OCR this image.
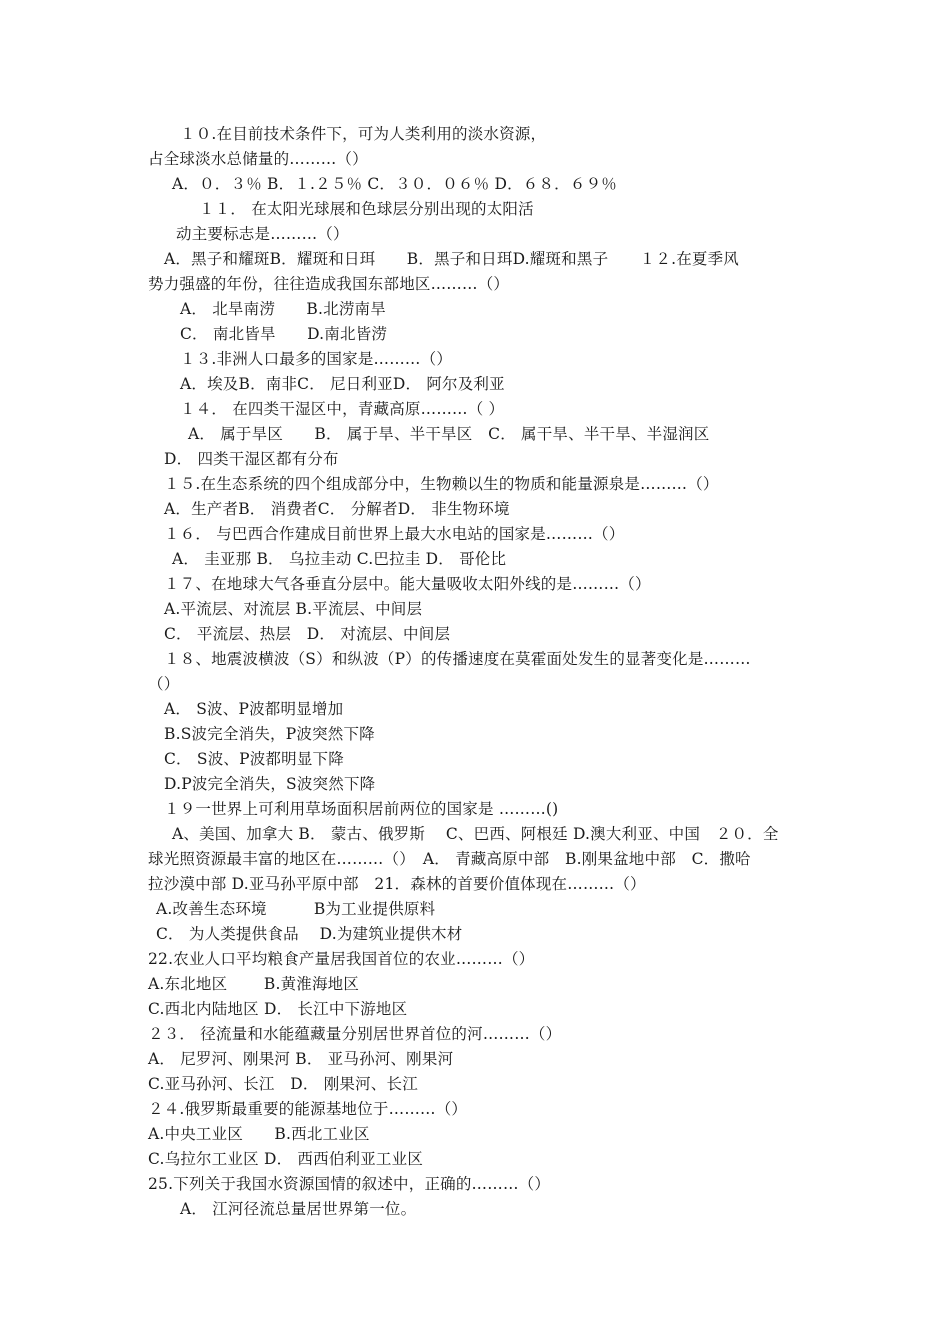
１０.在目前技术条件下，可为人类利用的淡水资源，
占全球淡水总储量的………（）
A．０．３％ B．１.２５％ C．３０．０６％ D．６８．６９％
１１． 在太阳光球展和色球层分别出现的太阳活
动主要标志是………（）
A．黑子和耀斑B．耀斑和日珥　　B．黑子和日珥D.耀斑和黑子　　１２.在夏季风
势力强盛的年份，往往造成我国东部地区………（）
A． 北旱南涝　　B.北涝南旱
C． 南北皆旱　　D.南北皆涝
１３.非洲人口最多的国家是………（）
A．埃及B．南非C． 尼日利亚D． 阿尔及利亚
１４． 在四类干湿区中，青藏高原………（ ）
A． 属于旱区　　B． 属于旱、半干旱区　C． 属干旱、半干旱、半湿润区
D． 四类干湿区都有分布
１５.在生态系统的四个组成部分中，生物赖以生的物质和能量源泉是………（）
A．生产者B． 消费者C． 分解者D． 非生物环境
１６． 与巴西合作建成目前世界上最大水电站的国家是………（）
A． 圭亚那 B． 乌拉圭动 C.巴拉圭 D． 哥伦比
１７、在地球大气各垂直分层中。能大量吸收太阳外线的是………（）
A.平流层、对流层 B.平流层、中间层
C． 平流层、热层　D． 对流层、中间层
１８、地震波横波（S）和纵波（P）的传播速度在莫霍面处发生的显著变化是………
（）
A． S波、P波都明显增加
B.S波完全消失，P波突然下降
C． S波、P波都明显下降
D.P波完全消失，S波突然下降
１９一世界上可利用草场面积居前两位的国家是 ………()
A、美国、加拿大 B． 蒙古、俄罗斯　 C、巴西、阿根廷 D.澳大利亚、中国　２０．全
球光照资源最丰富的地区在………（）　A． 青藏高原中部　B.刚果盆地中部　C．撒哈
拉沙漠中部 D.亚马孙平原中部　21．森林的首要价值体现在………（）
A.改善生态环境　　　B为工业提供原料
C． 为人类提供食品　 D.为建筑业提供木材
22.农业人口平均粮食产量居我国首位的农业………（）
A.东北地区　　 B.黄淮海地区
C.西北内陆地区 D． 长江中下游地区
２３． 径流量和水能蕴藏量分别居世界首位的河………（）
A． 尼罗河、刚果河 B． 亚马孙河、刚果河
C.亚马孙河、长江　D． 刚果河、长江
２４.俄罗斯最重要的能源基地位于………（）
A.中央工业区　　B.西北工业区
C.乌拉尔工业区 D． 西西伯利亚工业区
25.下列关于我国水资源国情的叙述中，正确的………（）
A． 江河径流总量居世界第一位。
